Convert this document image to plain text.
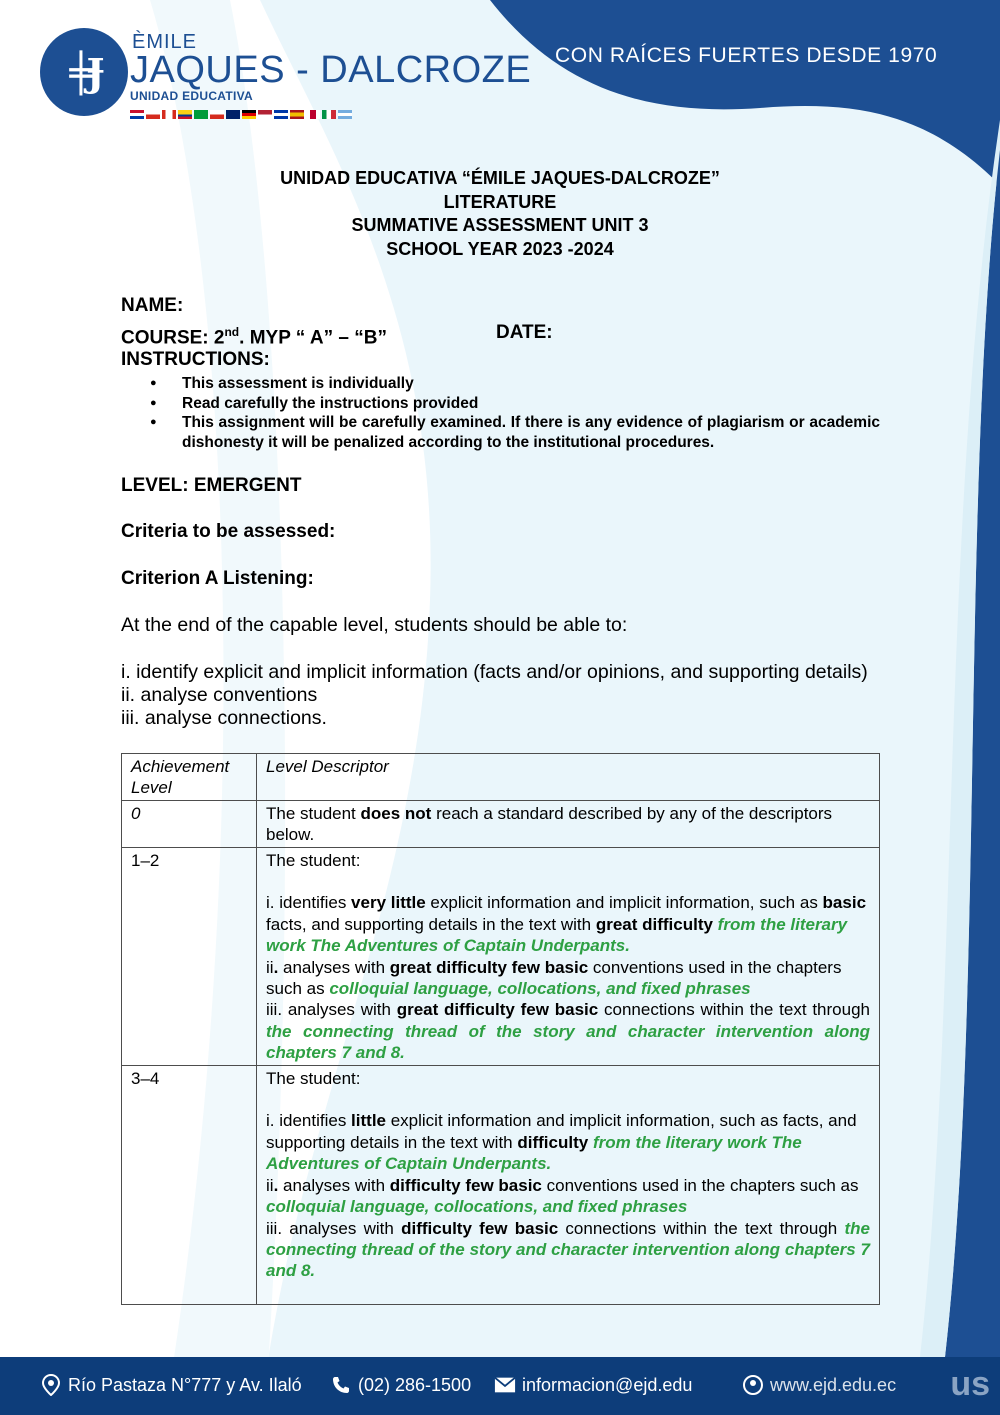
╪Ɉ
ÈMILE
JAQUES - DALCROZE
UNIDAD EDUCATIVA
CON RAÍCES FUERTES DESDE 1970
UNIDAD EDUCATIVA “ÉMILE JAQUES-DALCROZE”
LITERATURE
SUMMATIVE ASSESSMENT UNIT 3
SCHOOL YEAR 2023 -2024
NAME:
COURSE: 2nd. MYP “ A” – “B”	DATE:
INSTRUCTIONS:
● This assessment is individually
● Read carefully the instructions provided
● This assignment will be carefully examined. If there is any evidence of plagiarism or academic dishonesty it will be penalized according to the institutional procedures.
LEVEL: EMERGENT
Criteria to be assessed:
Criterion A Listening:
At the end of the capable level, students should be able to:
i. identify explicit and implicit information (facts and/or opinions, and supporting details)
ii. analyse conventions
iii. analyse connections.
Achievement Level	Level Descriptor
0	The student does not reach a standard described by any of the descriptors below.
1–2	The student:
i. identifies very little explicit information and implicit information, such as basic facts, and supporting details in the text with great difficulty from the literary work The Adventures of Captain Underpants.
ii. analyses with great difficulty few basic conventions used in the chapters such as colloquial language, collocations, and fixed phrases
iii. analyses with great difficulty few basic connections within the text through the connecting thread of the story and character intervention along chapters 7 and 8.

3–4	The student:
i. identifies little explicit information and implicit information, such as facts, and supporting details in the text with difficulty from the literary work The Adventures of Captain Underpants.
ii. analyses with difficulty few basic conventions used in the chapters such as colloquial language, collocations, and fixed phrases
iii. analyses with difficulty few basic connections within the text through the connecting thread of the story and character intervention along chapters 7 and 8.
Río Pastaza N°777 y Av. Ilaló	(02) 286-1500	informacion@ejd.edu	www.ejd.edu.ec us
